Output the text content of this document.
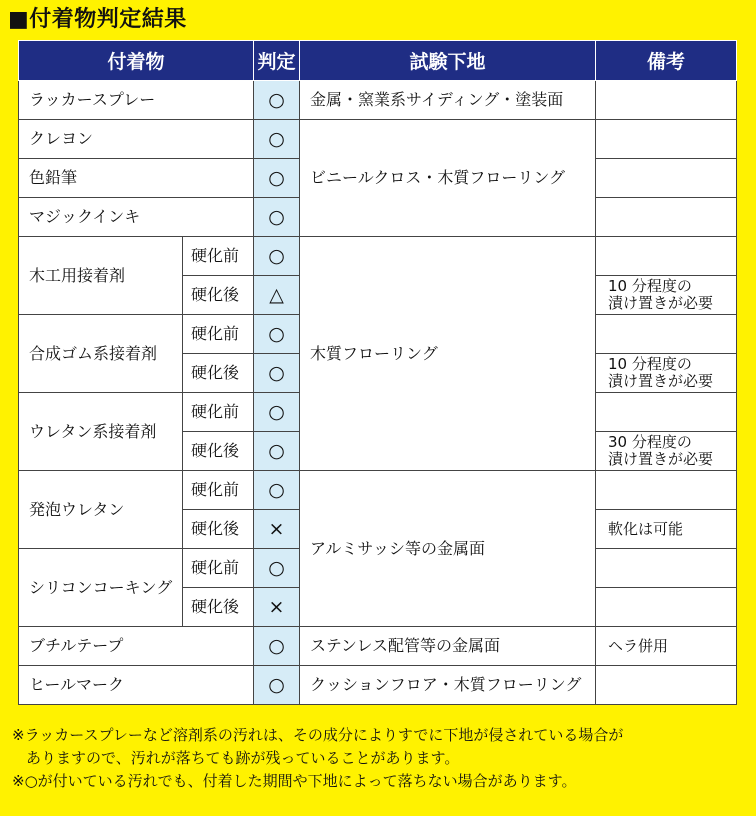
■付着物判定結果
付着物		判定	試験下地	備考
ラッカースプレー		○	金属・窯業系サイディング・塗装面	
クレヨン		○	ビニールクロス・木質フローリング	
色鉛筆		○		
マジックインキ		○		
木工用接着剤	硬化前	○	木質フローリング	
	硬化後	△		10 分程度の
漬け置きが必要
合成ゴム系接着剤	硬化前	○		
	硬化後	○		10 分程度の
漬け置きが必要
ウレタン系接着剤	硬化前	○		
	硬化後	○		30 分程度の
漬け置きが必要
発泡ウレタン	硬化前	○	アルミサッシ等の金属面	
	硬化後	×		軟化は可能
シリコンコーキング	硬化前	○		
	硬化後	×		
ブチルテープ		○	ステンレス配管等の金属面	ヘラ併用
ヒールマーク		○	クッションフロア・木質フローリング	

※ラッカースプレーなど溶剤系の汚れは、その成分によりすでに下地が侵されている場合が

ありますので、汚れが落ちても跡が残っていることがあります。

※○が付いている汚れでも、付着した期間や下地によって落ちない場合があります。
